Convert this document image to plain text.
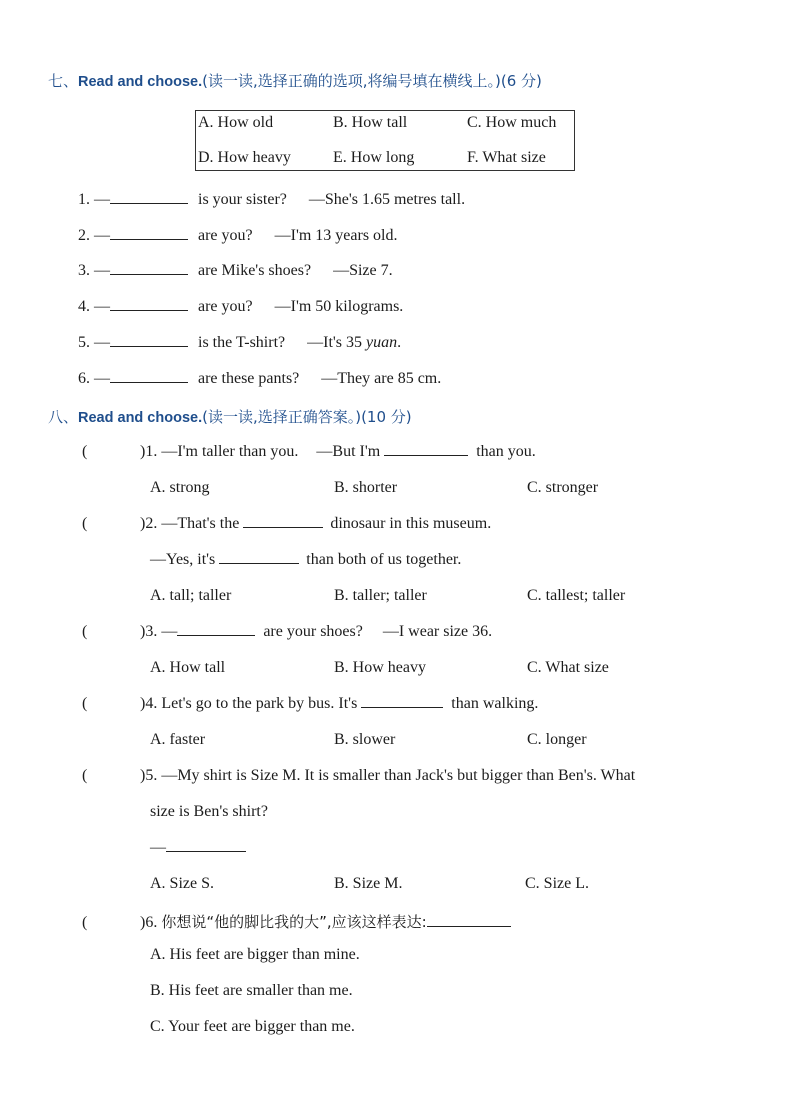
七、Read and choose.(读一读,选择正确的选项,将编号填在横线上。)(6 分)
A. How old	B. How tall	C. How much
D. How heavy	E. How long	F. What size
1. —	is your sister? —She's 1.65 metres tall.
2. —	are you? —I'm 13 years old.
3. —	are Mike's shoes? —Size 7.
4. —	are you? —I'm 50 kilograms.
5. —	is the T-shirt? —It's 35 yuan.
6. —	are these pants? —They are 85 cm.
八、Read and choose.(读一读,选择正确答案。)(10 分)
(	)1. —I'm taller than you. —But I'm	than you.
A. strong	B. shorter	C. stronger
(	)2. —That's the	dinosaur in this museum.
—Yes, it's	than both of us together.
A. tall; taller	B. taller; taller	C. tallest; taller
(	)3. —	are your shoes? —I wear size 36.
A. How tall	B. How heavy	C. What size
(	)4. Let's go to the park by bus. It's	than walking.
A. faster	B. slower	C. longer
(	)5. —My shirt is Size M. It is smaller than Jack's but bigger than Ben's. What
size is Ben's shirt?
—
A. Size S.	B. Size M.	C. Size L.
(	)6. 你想说“他的脚比我的大”,应该这样表达:
A. His feet are bigger than mine.
B. His feet are smaller than me.
C. Your feet are bigger than me.
